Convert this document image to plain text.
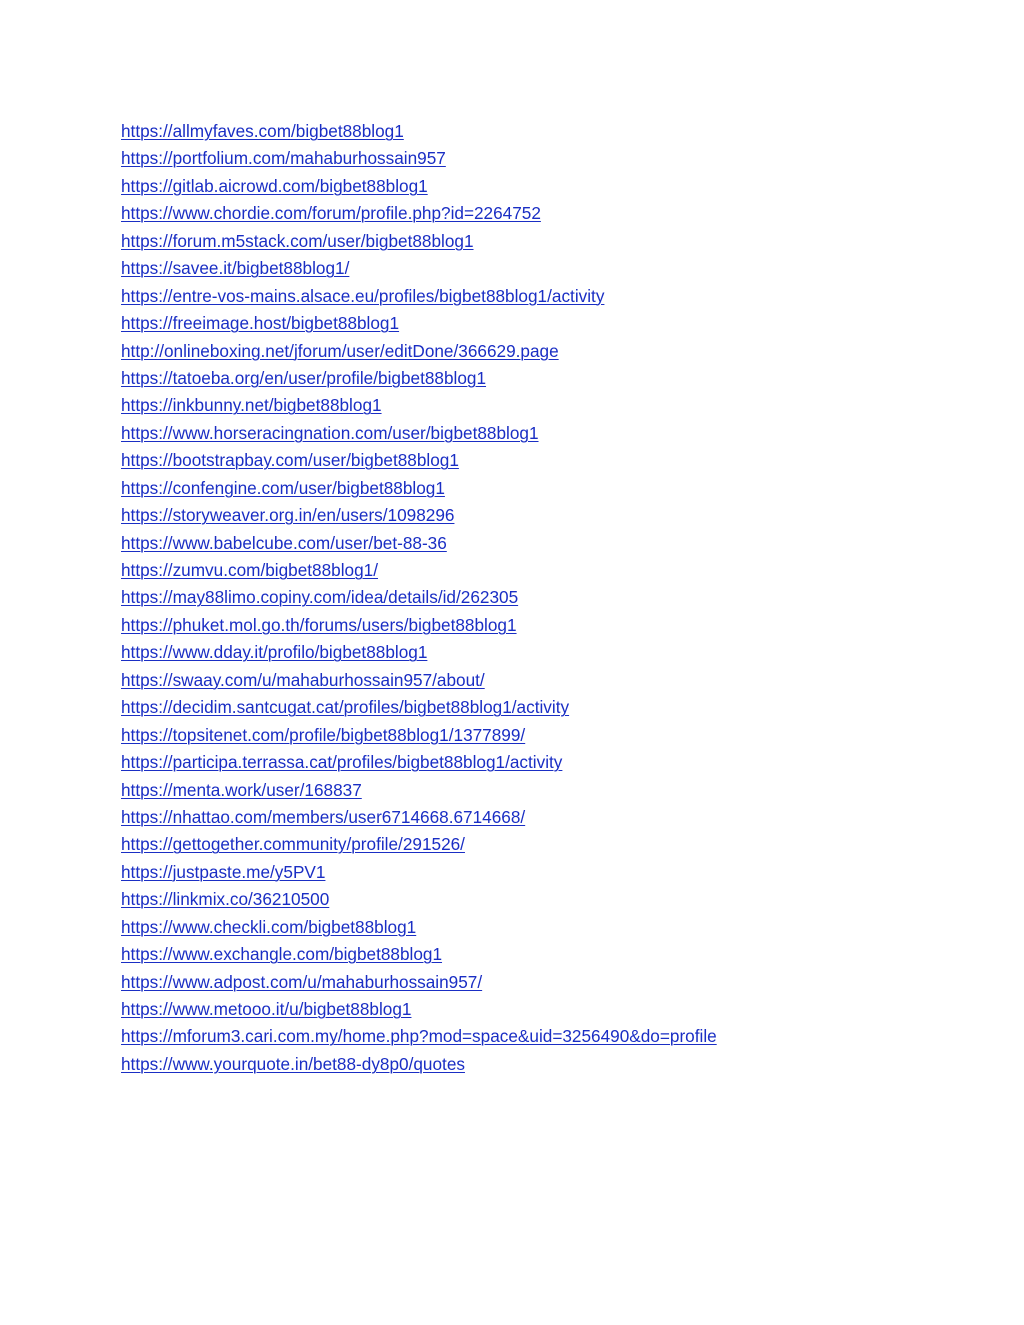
https://allmyfaves.com/bigbet88blog1
https://portfolium.com/mahaburhossain957
https://gitlab.aicrowd.com/bigbet88blog1
https://www.chordie.com/forum/profile.php?id=2264752
https://forum.m5stack.com/user/bigbet88blog1
https://savee.it/bigbet88blog1/
https://entre-vos-mains.alsace.eu/profiles/bigbet88blog1/activity
https://freeimage.host/bigbet88blog1
http://onlineboxing.net/jforum/user/editDone/366629.page
https://tatoeba.org/en/user/profile/bigbet88blog1
https://inkbunny.net/bigbet88blog1
https://www.horseracingnation.com/user/bigbet88blog1
https://bootstrapbay.com/user/bigbet88blog1
https://confengine.com/user/bigbet88blog1
https://storyweaver.org.in/en/users/1098296
https://www.babelcube.com/user/bet-88-36
https://zumvu.com/bigbet88blog1/
https://may88limo.copiny.com/idea/details/id/262305
https://phuket.mol.go.th/forums/users/bigbet88blog1
https://www.dday.it/profilo/bigbet88blog1
https://swaay.com/u/mahaburhossain957/about/
https://decidim.santcugat.cat/profiles/bigbet88blog1/activity
https://topsitenet.com/profile/bigbet88blog1/1377899/
https://participa.terrassa.cat/profiles/bigbet88blog1/activity
https://menta.work/user/168837
https://nhattao.com/members/user6714668.6714668/
https://gettogether.community/profile/291526/
https://justpaste.me/y5PV1
https://linkmix.co/36210500
https://www.checkli.com/bigbet88blog1
https://www.exchangle.com/bigbet88blog1
https://www.adpost.com/u/mahaburhossain957/
https://www.metooo.it/u/bigbet88blog1
https://mforum3.cari.com.my/home.php?mod=space&uid=3256490&do=profile
https://www.yourquote.in/bet88-dy8p0/quotes
